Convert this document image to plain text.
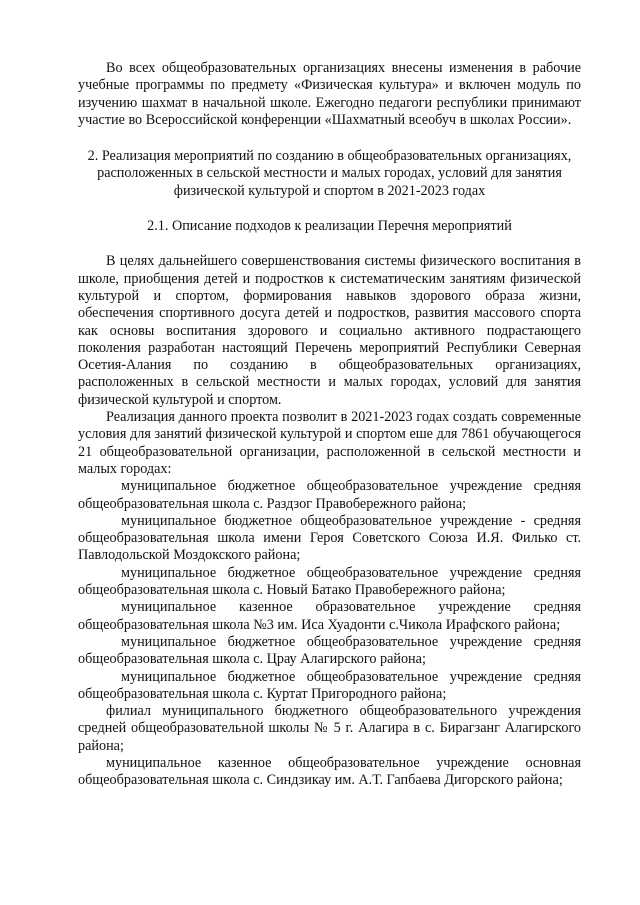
Во всех общеобразовательных организациях внесены изменения в рабочие учебные программы по предмету «Физическая культура» и включен модуль по изучению шахмат в начальной школе. Ежегодно педагоги республики принимают участие во Всероссийской конференции «Шахматный всеобуч в школах России».

2. Реализация мероприятий по созданию в общеобразовательных организациях, расположенных в сельской местности и малых городах, условий для занятия физической культурой и спортом в 2021-2023 годах

2.1. Описание подходов к реализации Перечня мероприятий

В целях дальнейшего совершенствования системы физического воспитания в школе, приобщения детей и подростков к систематическим занятиям физической культурой и спортом, формирования навыков здорового образа жизни, обеспечения спортивного досуга детей и подростков, развития массового спорта как основы воспитания здорового и социально активного подрастающего поколения разработан настоящий Перечень мероприятий Республики Северная Осетия-Алания по созданию в общеобразовательных организациях, расположенных в сельской местности и малых городах, условий для занятия физической культурой и спортом.

Реализация данного проекта позволит в 2021-2023 годах создать современные условия для занятий физической культурой и спортом еше для 7861 обучающегося 21 общеобразовательной организации, расположенной в сельской местности и малых городах:

муниципальное бюджетное общеобразовательное учреждение средняя общеобразовательная школа с. Раздзог Правобережного района;

муниципальное бюджетное общеобразовательное учреждение - средняя общеобразовательная школа имени Героя Советского Союза И.Я. Филько ст. Павлодольской Моздокского района;

муниципальное бюджетное общеобразовательное учреждение средняя общеобразовательная школа с. Новый Батако Правобережного района;

муниципальное казенное образовательное учреждение средняя общеобразовательная школа №3 им. Иса Хуадонти с.Чикола Ирафского района;

муниципальное бюджетное общеобразовательное учреждение средняя общеобразовательная школа с. Црау Алагирского района;

муниципальное бюджетное общеобразовательное учреждение средняя общеобразовательная школа с. Куртат Пригородного района;

филиал муниципального бюджетного общеобразовательного учреждения средней общеобразовательной школы № 5 г. Алагира в с. Бирагзанг Алагирского района;

муниципальное казенное общеобразовательное учреждение основная общеобразовательная школа с. Синдзикау им. А.Т. Гапбаева Дигорского района;
